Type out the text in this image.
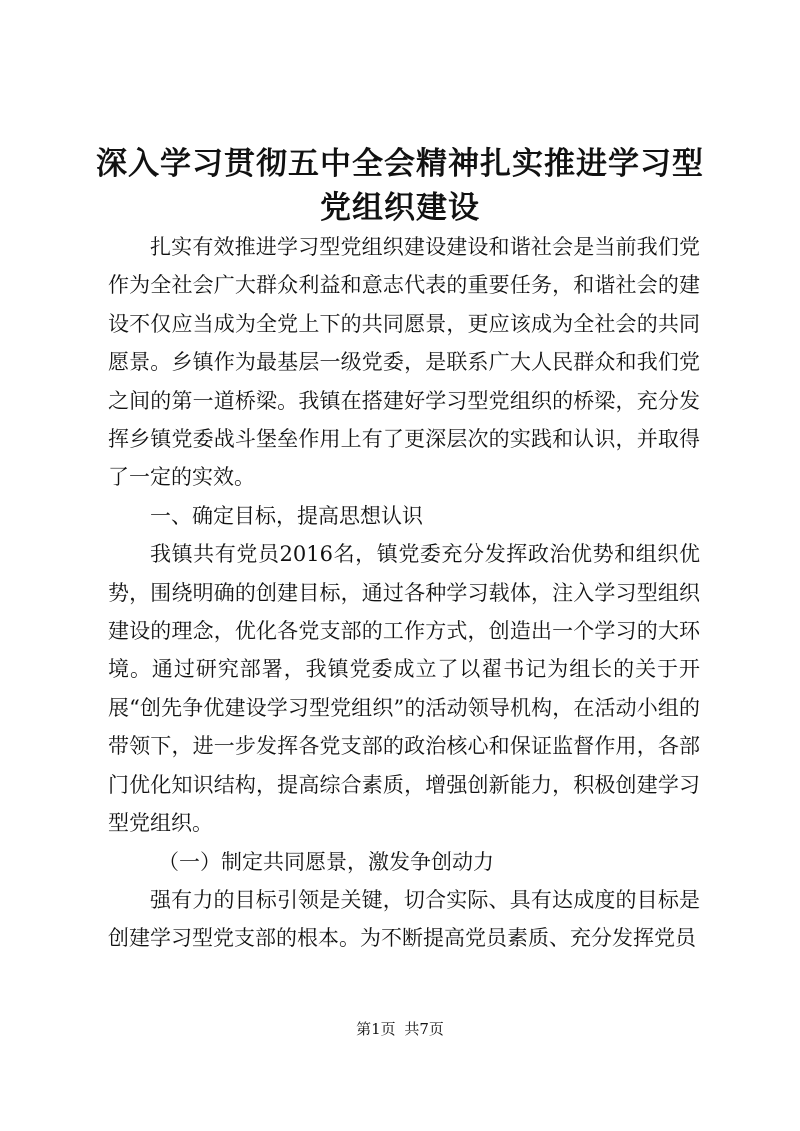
深入学习贯彻五中全会精神扎实推进学习型党组织建设

扎实有效推进学习型党组织建设建设和谐社会是当前我们党作为全社会广大群众利益和意志代表的重要任务，和谐社会的建设不仅应当成为全党上下的共同愿景，更应该成为全社会的共同愿景。乡镇作为最基层一级党委，是联系广大人民群众和我们党之间的第一道桥梁。我镇在搭建好学习型党组织的桥梁，充分发挥乡镇党委战斗堡垒作用上有了更深层次的实践和认识，并取得了一定的实效。

一、确定目标，提高思想认识

我镇共有党员2016名，镇党委充分发挥政治优势和组织优势，围绕明确的创建目标，通过各种学习载体，注入学习型组织建设的理念，优化各党支部的工作方式，创造出一个学习的大环境。通过研究部署，我镇党委成立了以翟书记为组长的关于开展“创先争优建设学习型党组织”的活动领导机构，在活动小组的带领下，进一步发挥各党支部的政治核心和保证监督作用，各部门优化知识结构，提高综合素质，增强创新能力，积极创建学习型党组织。

（一）制定共同愿景，激发争创动力

强有力的目标引领是关键，切合实际、具有达成度的目标是创建学习型党支部的根本。为不断提高党员素质、充分发挥党员

第1页 共7页
